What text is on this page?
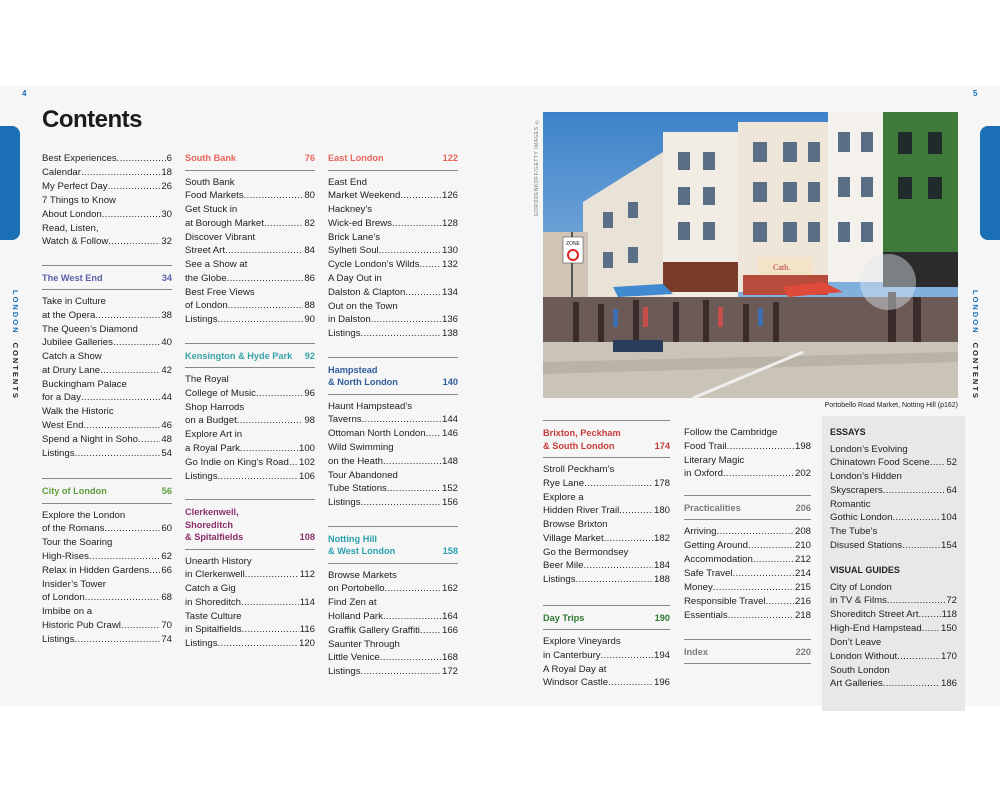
4	5
LONDON  CONTENTS
LONDON  CONTENTS
Contents
Best Experiences .....	6
Calendar .....	18
My Perfect Day .....	26
7 Things to Know
About London .....	30
Read, Listen,
Watch & Follow .....	32
The West End	34
Take in Culture
at the Opera .....	38
The Queen’s Diamond
Jubilee Galleries .....	40
Catch a Show
at Drury Lane .....	42
Buckingham Palace
for a Day .....	44
Walk the Historic
West End .....	46
Spend a Night in Soho ..... 48
Listings .....	54
City of London	56
Explore the London
of the Romans .....	60
Tour the Soaring
High-Rises .....	62
Relax in Hidden Gardens ..... 66
Insider’s Tower
of London .....	68
Imbibe on a
Historic Pub Crawl .....	70
Listings .....	74
South Bank	76
South Bank
Food Markets .....	80
Get Stuck in
at Borough Market .....	82
Discover Vibrant
Street Art .....	84
See a Show at
the Globe .....	86
Best Free Views
of London .....	88
Listings .....	90
Kensington & Hyde Park 92
The Royal
College of Music .....	96
Shop Harrods
on a Budget .....	98
Explore Art in
a Royal Park .....	100
Go Indie on King’s Road ..... 102
Listings .....	106
Clerkenwell,
Shoreditch
& Spitalfields	108
Unearth History
in Clerkenwell .....	112
Catch a Gig
in Shoreditch .....	114
Taste Culture
in Spitalfields .....	116
Listings .....	120
East London	122
East End
Market Weekend .....	126
Hackney’s
Wick-ed Brews .....	128
Brick Lane’s
Sylheti Soul .....	130
Cycle London’s Wilds ..... 132
A Day Out in
Dalston & Clapton .....	134
Out on the Town
in Dalston .....	136
Listings .....	138
Hampstead
& North London	140
Haunt Hampstead’s
Taverns .....	144
Ottoman North London ..... 146
Wild Swimming
on the Heath .....	148
Tour Abandoned
Tube Stations .....	152
Listings .....	156
Notting Hill
& West London	158
Browse Markets
on Portobello .....	162
Find Zen at
Holland Park .....	164
Graffik Gallery Graffiti ..... 166
Saunter Through
Little Venice .....	168
Listings .....	172
GORODENKOFF/GETTY IMAGES ©
Cath.
ZONE
Portobello Road Market, Notting Hill (p162)
Brixton, Peckham
& South London	174
Stroll Peckham’s
Rye Lane .....	178
Explore a
Hidden River Trail .....	180
Browse Brixton
Village Market .....	182
Go the Bermondsey
Beer Mile .....	184
Listings .....	188
Day Trips	190
Explore Vineyards
in Canterbury .....	194
A Royal Day at
Windsor Castle .....	196
Follow the Cambridge
Food Trail .....	198
Literary Magic
in Oxford .....	202
Practicalities	206
Arriving .....	208
Getting Around .....	210
Accommodation .....	212
Safe Travel .....	214
Money .....	215
Responsible Travel .....	216
Essentials .....	218
Index	220
ESSAYS
London’s Evolving
Chinatown Food Scene ..... 52
London’s Hidden
Skyscrapers .....	64
Romantic
Gothic London .....	104
The Tube’s
Disused Stations .....	154
VISUAL GUIDES
City of London
in TV & Films .....	72
Shoreditch Street Art ..... 118
High-End Hampstead ..... 150
Don’t Leave
London Without .....	170
South London
Art Galleries .....	186
